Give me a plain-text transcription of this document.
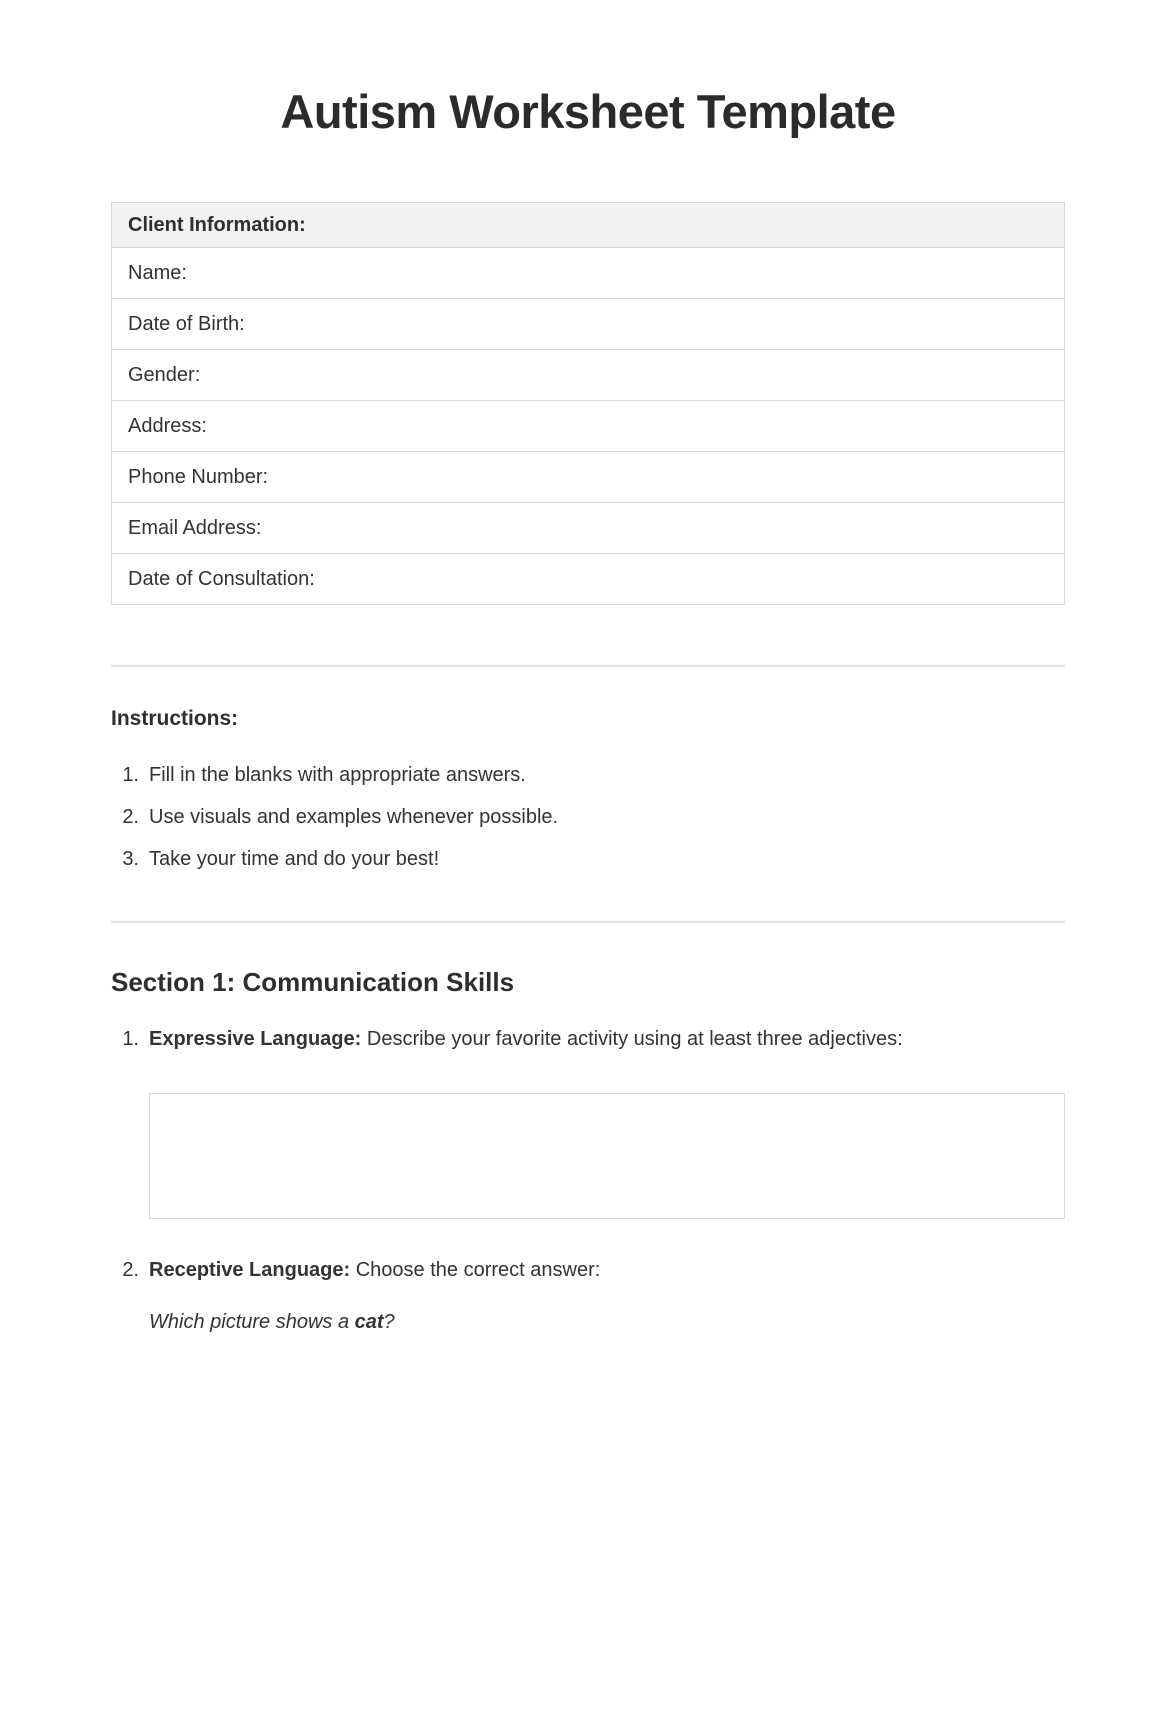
Autism Worksheet Template
Client Information:
Name:
Date of Birth:
Gender:
Address:
Phone Number:
Email Address:
Date of Consultation:
Instructions:
1. Fill in the blanks with appropriate answers.
2. Use visuals and examples whenever possible.
3. Take your time and do your best!
Section 1: Communication Skills
1. Expressive Language: Describe your favorite activity using at least three adjectives:
2. Receptive Language: Choose the correct answer:

Which picture shows a cat?
